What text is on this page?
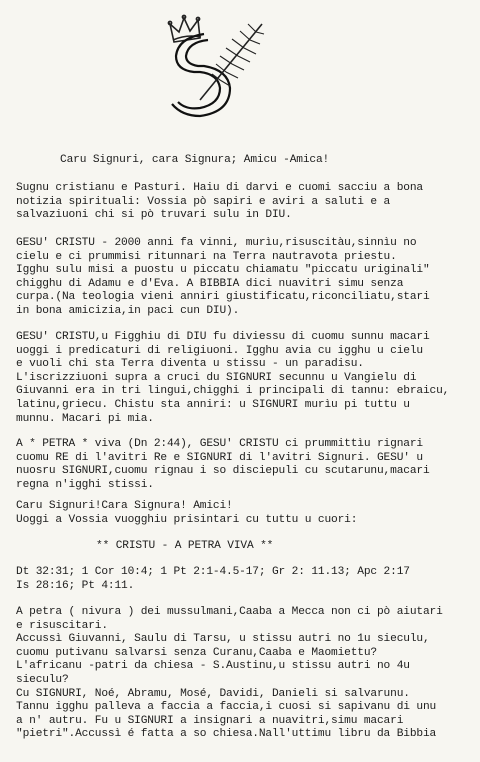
Caru Signuri, cara Signura; Amicu -Amica!
Sugnu cristianu e Pasturi. Haiu di darvi e cuomi sacciu a bona
notizia spirituali: Vossia pò sapiri e aviri a saluti e a
salvaziuoni chi si pò truvari sulu in DIU.
GESU' CRISTU - 2000 anni fa vinni, murìu,risuscitàu,sinnìu no
cielu e ci prummisi ritunnari na Terra nautravota priestu.
Igghu sulu misi a puostu u piccatu chiamatu "piccatu uriginali"
chigghu di Adamu e d'Eva. A BIBBIA dici nuavitri simu senza
curpa.(Na teologia vieni anniri giustificatu,riconciliatu,stari
in bona amicizia,in paci cun DIU).
GESU' CRISTU,u Figghiu di DIU fu diviessu di cuomu sunnu macari
uoggi i predicaturi di religiuoni. Igghu avia cu igghu u cielu
e vuoli chi sta Terra diventa u stissu - un paradisu.
L'iscrizziuoni supra a cruci du SIGNURI secunnu u Vangielu di
Giuvanni era in tri lingui,chigghi i principali di tannu: ebraicu,
latinu,griecu. Chistu sta anniri: u SIGNURI murìu pi tuttu u
munnu. Macari pi mia.
A * PETRA * viva (Dn 2:44), GESU' CRISTU ci prummittìu rignari
cuomu RE di l'avitri Re e SIGNURI di l'avitri Signuri. GESU' u
nuosru SIGNURI,cuomu rignau i so disciepuli cu scutarunu,macari
regna n'igghi stissi.
Caru Signuri!Cara Signura! Amici!
Uoggi a Vossia vuogghiu prisintari cu tuttu u cuori:
** CRISTU - A PETRA VIVA **
Dt 32:31; 1 Cor 10:4; 1 Pt 2:1-4.5-17; Gr 2: 11.13; Apc 2:17
Is 28:16; Pt 4:11.
A petra ( nivura ) dei mussulmani,Caaba a Mecca non ci pò aiutari
e risuscitari.
Accussì Giuvanni, Saulu di Tarsu, u stissu autri no 1u sieculu,
cuomu putivanu salvarsi senza Curanu,Caaba e Maomiettu?
L'africanu -patri da chiesa - S.Austinu,u stissu autri no 4u
sieculu?
Cu SIGNURI, Noé, Abramu, Mosé, Davidi, Danieli si salvarunu.
Tannu igghu palleva a faccia a faccia,i cuosi si sapivanu di unu
a n' autru. Fu u SIGNURI a insignari a nuavitri,simu macari
"pietri".Accussì é fatta a so chiesa.Nall'uttimu libru da Bibbia
